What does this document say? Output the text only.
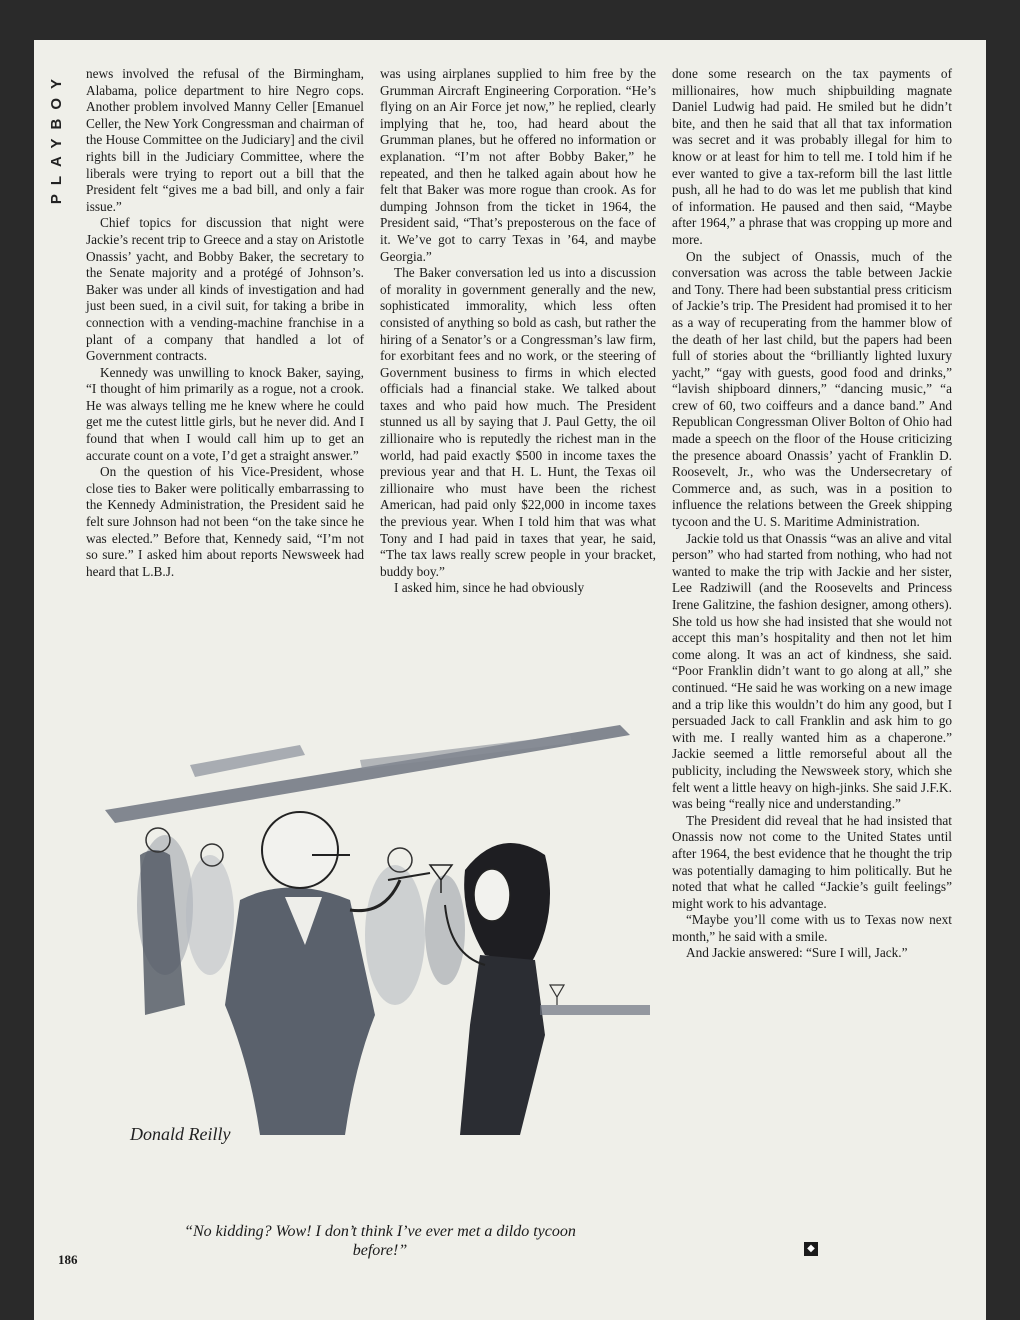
PLAYBOY	news involved the refusal of the Birmingham, Alabama, police department to hire Negro cops. Another problem involved Manny Celler [Emanuel Celler, the New York Congressman and chairman of the House Committee on the Judiciary] and the civil rights bill in the Judiciary Committee, where the liberals were trying to report out a bill that the President felt “gives me a bad bill, and only a fair issue.”

Chief topics for discussion that night were Jackie’s recent trip to Greece and a stay on Aristotle Onassis’ yacht, and Bobby Baker, the secretary to the Senate majority and a protégé of Johnson’s. Baker was under all kinds of investigation and had just been sued, in a civil suit, for taking a bribe in connection with a vending-machine franchise in a plant of a company that handled a lot of Government contracts.

Kennedy was unwilling to knock Baker, saying, “I thought of him primarily as a rogue, not a crook. He was always telling me he knew where he could get me the cutest little girls, but he never did. And I found that when I would call him up to get an accurate count on a vote, I’d get a straight answer.”

On the question of his Vice-President, whose close ties to Baker were politically embarrassing to the Kennedy Administration, the President said he felt sure Johnson had not been “on the take since he was elected.” Before that, Kennedy said, “I’m not so sure.” I asked him about reports Newsweek had heard that L.B.J.

was using airplanes supplied to him free by the Grumman Aircraft Engineering Corporation. “He’s flying on an Air Force jet now,” he replied, clearly implying that he, too, had heard about the Grumman planes, but he offered no information or explanation. “I’m not after Bobby Baker,” he repeated, and then he talked again about how he felt that Baker was more rogue than crook. As for dumping Johnson from the ticket in 1964, the President said, “That’s preposterous on the face of it. We’ve got to carry Texas in ’64, and maybe Georgia.”

The Baker conversation led us into a discussion of morality in government generally and the new, sophisticated immorality, which less often consisted of anything so bold as cash, but rather the hiring of a Senator’s or a Congressman’s law firm, for exorbitant fees and no work, or the steering of Government business to firms in which elected officials had a financial stake. We talked about taxes and who paid how much. The President stunned us all by saying that J. Paul Getty, the oil zillionaire who is reputedly the richest man in the world, had paid exactly $500 in income taxes the previous year and that H. L. Hunt, the Texas oil zillionaire who must have been the richest American, had paid only $22,000 in income taxes the previous year. When I told him that was what Tony and I had paid in taxes that year, he said, “The tax laws really screw people in your bracket, buddy boy.”

I asked him, since he had obviously

done some research on the tax payments of millionaires, how much shipbuilding magnate Daniel Ludwig had paid. He smiled but he didn’t bite, and then he said that all that tax information was secret and it was probably illegal for him to know or at least for him to tell me. I told him if he ever wanted to give a tax-reform bill the last little push, all he had to do was let me publish that kind of information. He paused and then said, “Maybe after 1964,” a phrase that was cropping up more and more.

On the subject of Onassis, much of the conversation was across the table between Jackie and Tony. There had been substantial press criticism of Jackie’s trip. The President had promised it to her as a way of recuperating from the hammer blow of the death of her last child, but the papers had been full of stories about the “brilliantly lighted luxury yacht,” “gay with guests, good food and drinks,” “lavish shipboard dinners,” “dancing music,” “a crew of 60, two coiffeurs and a dance band.” And Republican Congressman Oliver Bolton of Ohio had made a speech on the floor of the House criticizing the presence aboard Onassis’ yacht of Franklin D. Roosevelt, Jr., who was the Undersecretary of Commerce and, as such, was in a position to influence the relations between the Greek shipping tycoon and the U. S. Maritime Administration.

Jackie told us that Onassis “was an alive and vital person” who had started from nothing, who had not wanted to make the trip with Jackie and her sister, Lee Radziwill (and the Roosevelts and Princess Irene Galitzine, the fashion designer, among others). She told us how she had insisted that she would not accept this man’s hospitality and then not let him come along. It was an act of kindness, she said. “Poor Franklin didn’t want to go along at all,” she continued. “He said he was working on a new image and a trip like this wouldn’t do him any good, but I persuaded Jack to call Franklin and ask him to go with me. I really wanted him as a chaperone.” Jackie seemed a little remorseful about all the publicity, including the Newsweek story, which she felt went a little heavy on high-jinks. She said J.F.K. was being “really nice and understanding.”

The President did reveal that he had insisted that Onassis now not come to the United States until after 1964, the best evidence that he thought the trip was potentially damaging to him politically. But he noted that what he called “Jackie’s guilt feelings” might work to his advantage.

“Maybe you’ll come with us to Texas now next month,” he said with a smile.

And Jackie answered: “Sure I will, Jack.”

Donald Reilly
“No kidding? Wow! I don’t think I’ve ever met a dildo tycoon before!”
186
◆
